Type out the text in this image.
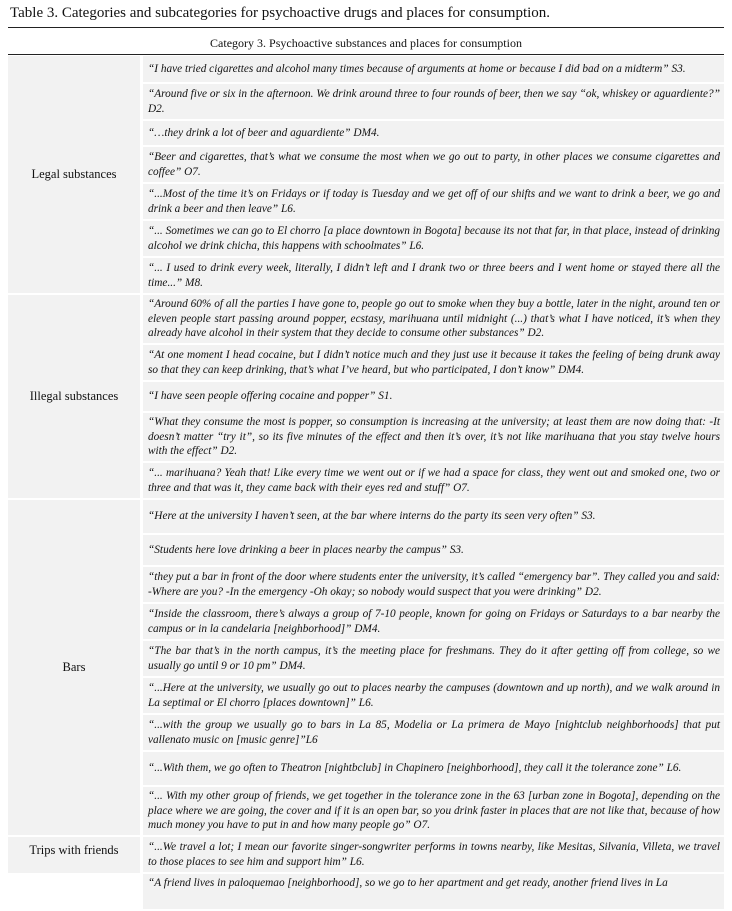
Table 3. Categories and subcategories for psychoactive drugs and places for consumption.
Category 3. Psychoactive substances and places for consumption
Legal substances
“I have tried cigarettes and alcohol many times because of arguments at home or because I did bad on a midterm” S3.
“Around five or six in the afternoon. We drink around three to four rounds of beer, then we say “ok, whiskey or aguardiente?” D2.
“…they drink a lot of beer and aguardiente” DM4.
“Beer and cigarettes, that’s what we consume the most when we go out to party, in other places we consume cigarettes and coffee” O7.
“...Most of the time it’s on Fridays or if today is Tuesday and we get off of our shifts and we want to drink a beer, we go and drink a beer and then leave” L6.
“... Sometimes we can go to El chorro [a place downtown in Bogota] because its not that far, in that place, instead of drinking alcohol we drink chicha, this happens with schoolmates” L6.
“... I used to drink every week, literally, I didn’t left and I drank two or three beers and I went home or stayed there all the time...” M8.
Illegal substances
“Around 60% of all the parties I have gone to, people go out to smoke when they buy a bottle, later in the night, around ten or eleven people start passing around popper, ecstasy, marihuana until midnight (...) that’s what I have noticed, it’s when they already have alcohol in their system that they decide to consume other substances” D2.
“At one moment I head cocaine, but I didn’t notice much and they just use it because it takes the feeling of being drunk away so that they can keep drinking, that’s what I’ve heard, but who participated, I don’t know” DM4.
“I have seen people offering cocaine and popper” S1.
“What they consume the most is popper, so consumption is increasing at the university; at least them are now doing that: -It doesn’t matter “try it”, so its five minutes of the effect and then it’s over, it’s not like marihuana that you stay twelve hours with the effect” D2.
“... marihuana? Yeah that! Like every time we went out or if we had a space for class, they went out and smoked one, two or three and that was it, they came back with their eyes red and stuff” O7.
Bars
“Here at the university I haven’t seen, at the bar where interns do the party its seen very often” S3.
“Students here love drinking a beer in places nearby the campus” S3.
“they put a bar in front of the door where students enter the university, it’s called “emergency bar”. They called you and said: -Where are you? -In the emergency -Oh okay; so nobody would suspect that you were drinking” D2.
“Inside the classroom, there’s always a group of 7-10 people, known for going on Fridays or Saturdays to a bar nearby the campus or in la candelaria [neighborhood]” DM4.
“The bar that’s in the north campus, it’s the meeting place for freshmans. They do it after getting off from college, so we usually go until 9 or 10 pm” DM4.
“...Here at the university, we usually go out to places nearby the campuses (downtown and up north), and we walk around in La septimal or El chorro [places downtown]” L6.
“...with the group we usually go to bars in La 85, Modelia or La primera de Mayo [nightclub neighborhoods] that put vallenato music on [music genre]”L6
“...With them, we go often to Theatron [nightbclub] in Chapinero [neighborhood], they call it the tolerance zone” L6.
“... With my other group of friends, we get together in the tolerance zone in the 63 [urban zone in Bogota], depending on the place where we are going, the cover and if it is an open bar, so you drink faster in places that are not like that, because of how much money you have to put in and how many people go” O7.
Trips with friends	“...We travel a lot; I mean our favorite singer-songwriter performs in towns nearby, like Mesitas, Silvania, Villeta, we travel to those places to see him and support him” L6.
“A friend lives in paloquemao [neighborhood], so we go to her apartment and get ready, another friend lives in La
